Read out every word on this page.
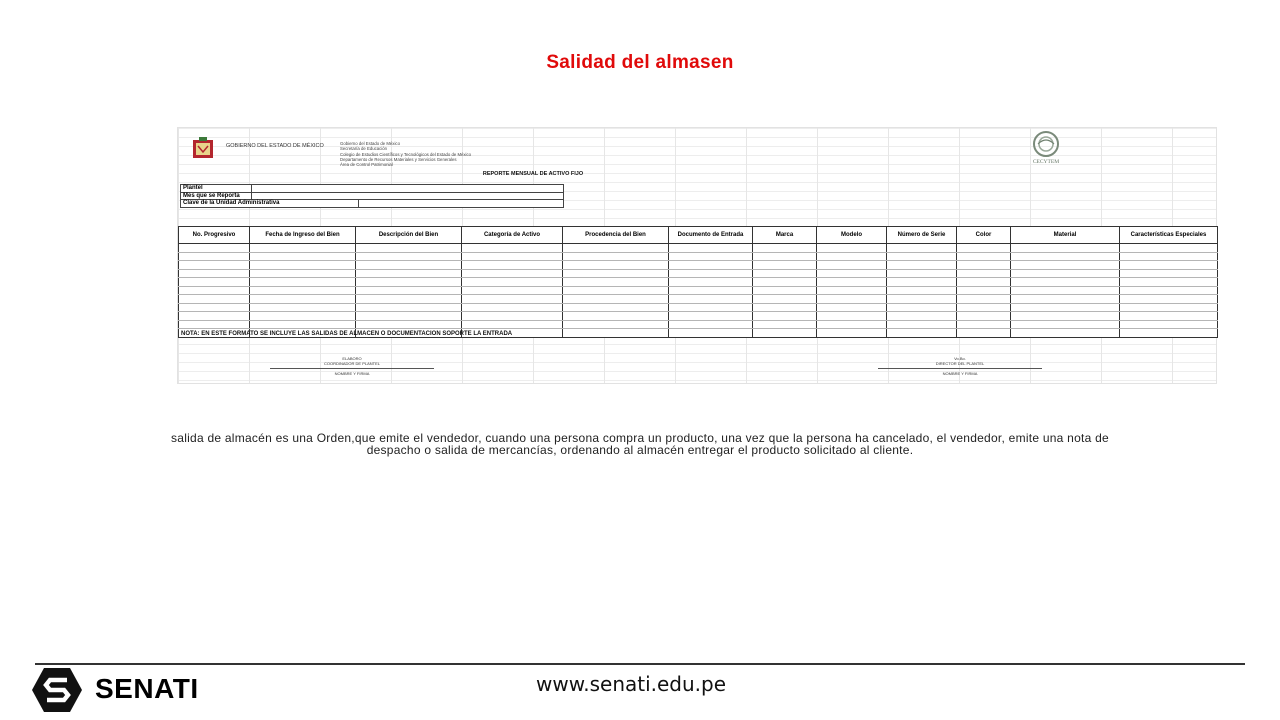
Salidad del almasen
GOBIERNO DEL ESTADO DE MÉXICO	Gobierno del Estado de México
Secretaría de Educación
Colegio de Estudios Científicos y Tecnológicos del Estado de México
Departamento de Recursos Materiales y Servicios Generales
Área de Control Patrimonial	CECYTEM
REPORTE MENSUAL DE ACTIVO FIJO
Plantel		
Mes que se Reporta		
Clave de la Unidad Administrativa		
No. Progresivo	Fecha de Ingreso del Bien	Descripción del Bien	Categoría de Activo	Procedencia del Bien	Documento de Entrada	Marca	Modelo	Número de Serie	Color	Material	Características Especiales

NOTA: EN ESTE FORMATO SE INCLUYE LAS SALIDAS DE ALMACEN O DOCUMENTACION SOPORTE LA ENTRADA
ELABORO
COORDINADOR DE PLANTEL
NOMBRE Y FIRMA
Vo.Bo.
DIRECTOR DEL PLANTEL
NOMBRE Y FIRMA
salida de almacén es una Orden,que emite el vendedor, cuando una persona compra un producto, una vez que la persona ha cancelado, el vendedor, emite una nota de despacho o salida de mercancías, ordenando al almacén entregar el producto solicitado al cliente.
SENATI	www.senati.edu.pe
